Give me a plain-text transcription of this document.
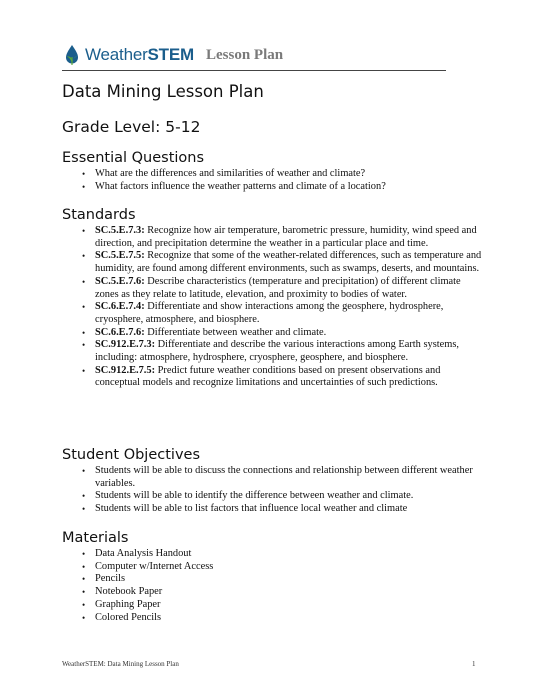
WeatherSTEM Lesson Plan
Data Mining Lesson Plan
Grade Level: 5-12
Essential Questions
• What are the differences and similarities of weather and climate?
• What factors influence the weather patterns and climate of a location?
Standards
• SC.5.E.7.3: Recognize how air temperature, barometric pressure, humidity, wind speed and direction, and precipitation determine the weather in a particular place and time.
• SC.5.E.7.5: Recognize that some of the weather-related differences, such as temperature and humidity, are found among different environments, such as swamps, deserts, and mountains.
• SC.5.E.7.6: Describe characteristics (temperature and precipitation) of different climate zones as they relate to latitude, elevation, and proximity to bodies of water.
• SC.6.E.7.4: Differentiate and show interactions among the geosphere, hydrosphere, cryosphere, atmosphere, and biosphere.
• SC.6.E.7.6: Differentiate between weather and climate.
• SC.912.E.7.3: Differentiate and describe the various interactions among Earth systems, including: atmosphere, hydrosphere, cryosphere, geosphere, and biosphere.
• SC.912.E.7.5: Predict future weather conditions based on present observations and conceptual models and recognize limitations and uncertainties of such predictions.
Student Objectives
• Students will be able to discuss the connections and relationship between different weather variables.
• Students will be able to identify the difference between weather and climate.
• Students will be able to list factors that influence local weather and climate
Materials
• Data Analysis Handout
• Computer w/Internet Access
• Pencils
• Notebook Paper
• Graphing Paper
• Colored Pencils
WeatherSTEM: Data Mining Lesson Plan	1
